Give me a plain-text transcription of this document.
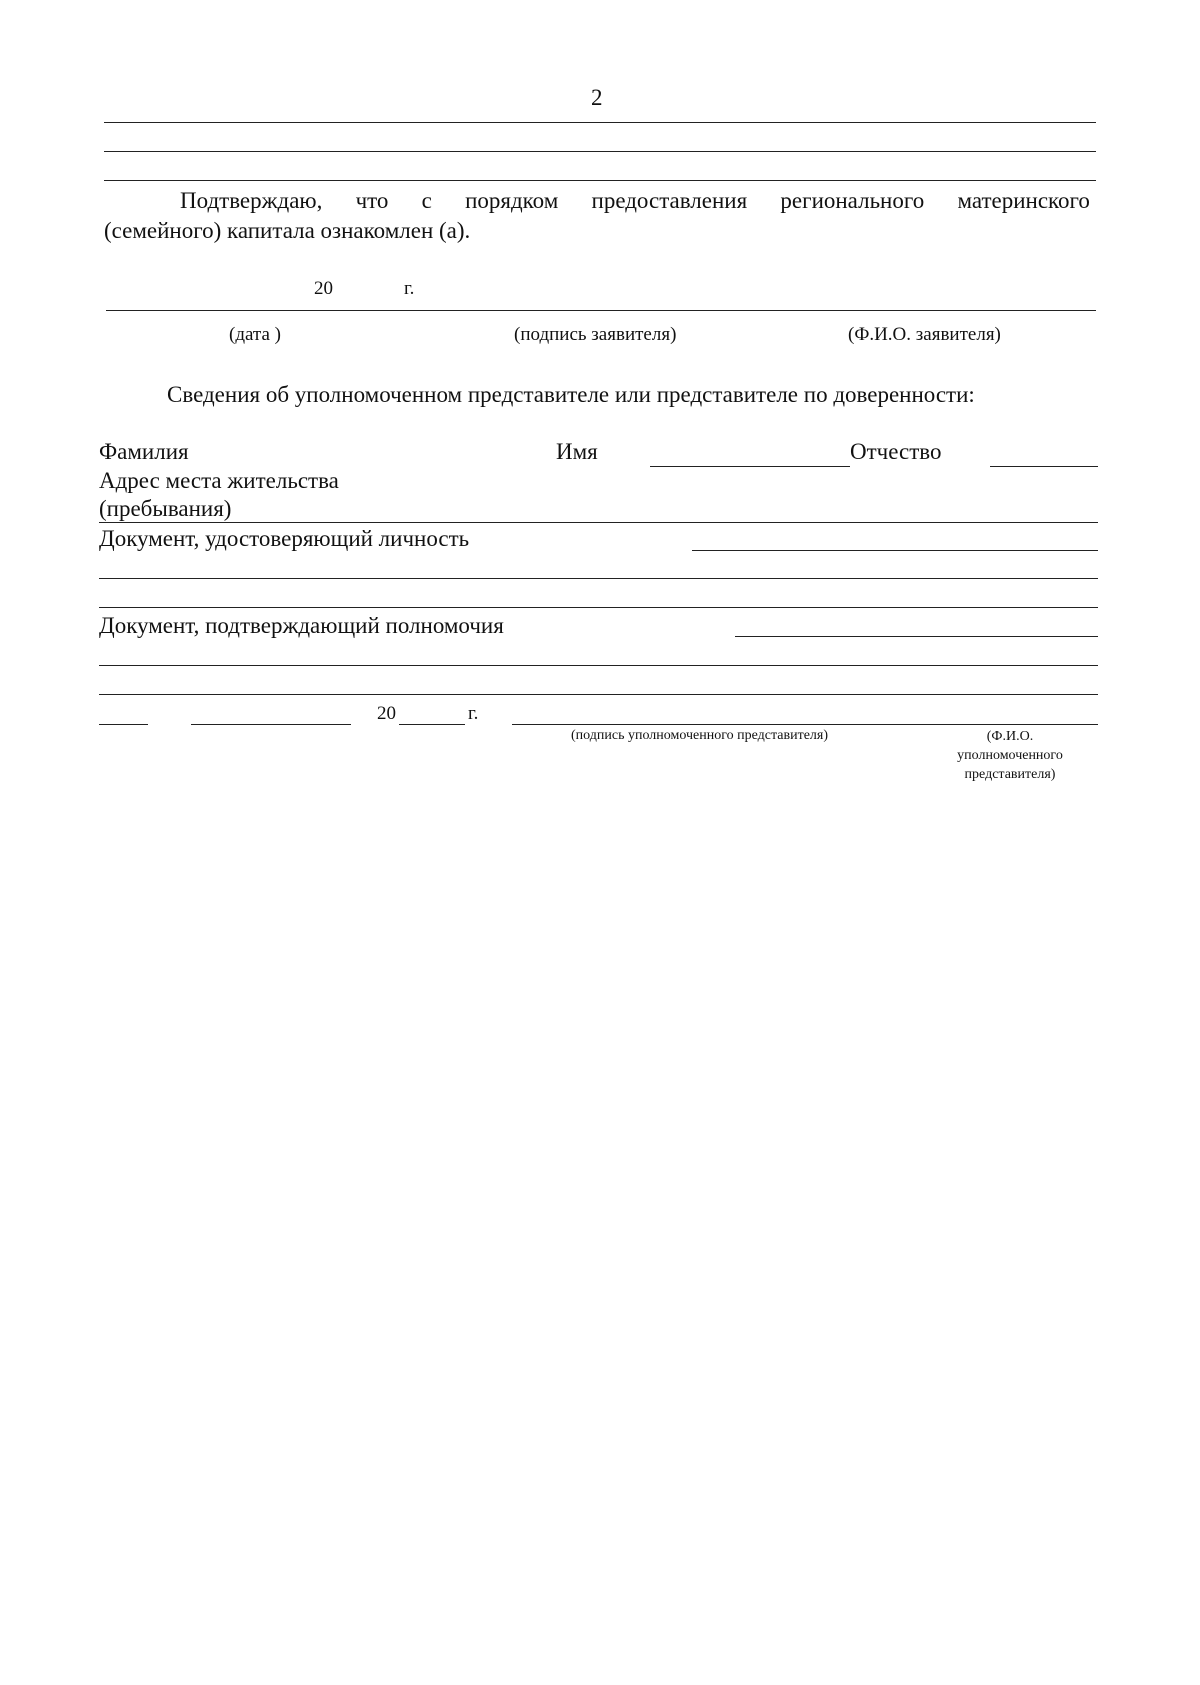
2
Подтверждаю, что с порядком предоставления регионального материнского
(семейного) капитала ознакомлен (а).
20	г.
(дата )	(подпись заявителя)	(Ф.И.О. заявителя)
Сведения об уполномоченном представителе или представителе по доверенности:
Фамилия	Имя	Отчество
Адрес места жительства
(пребывания)
Документ, удостоверяющий личность
Документ, подтверждающий полномочия
20	г.
(подпись уполномоченного представителя)	(Ф.И.О.
уполномоченного
представителя)
